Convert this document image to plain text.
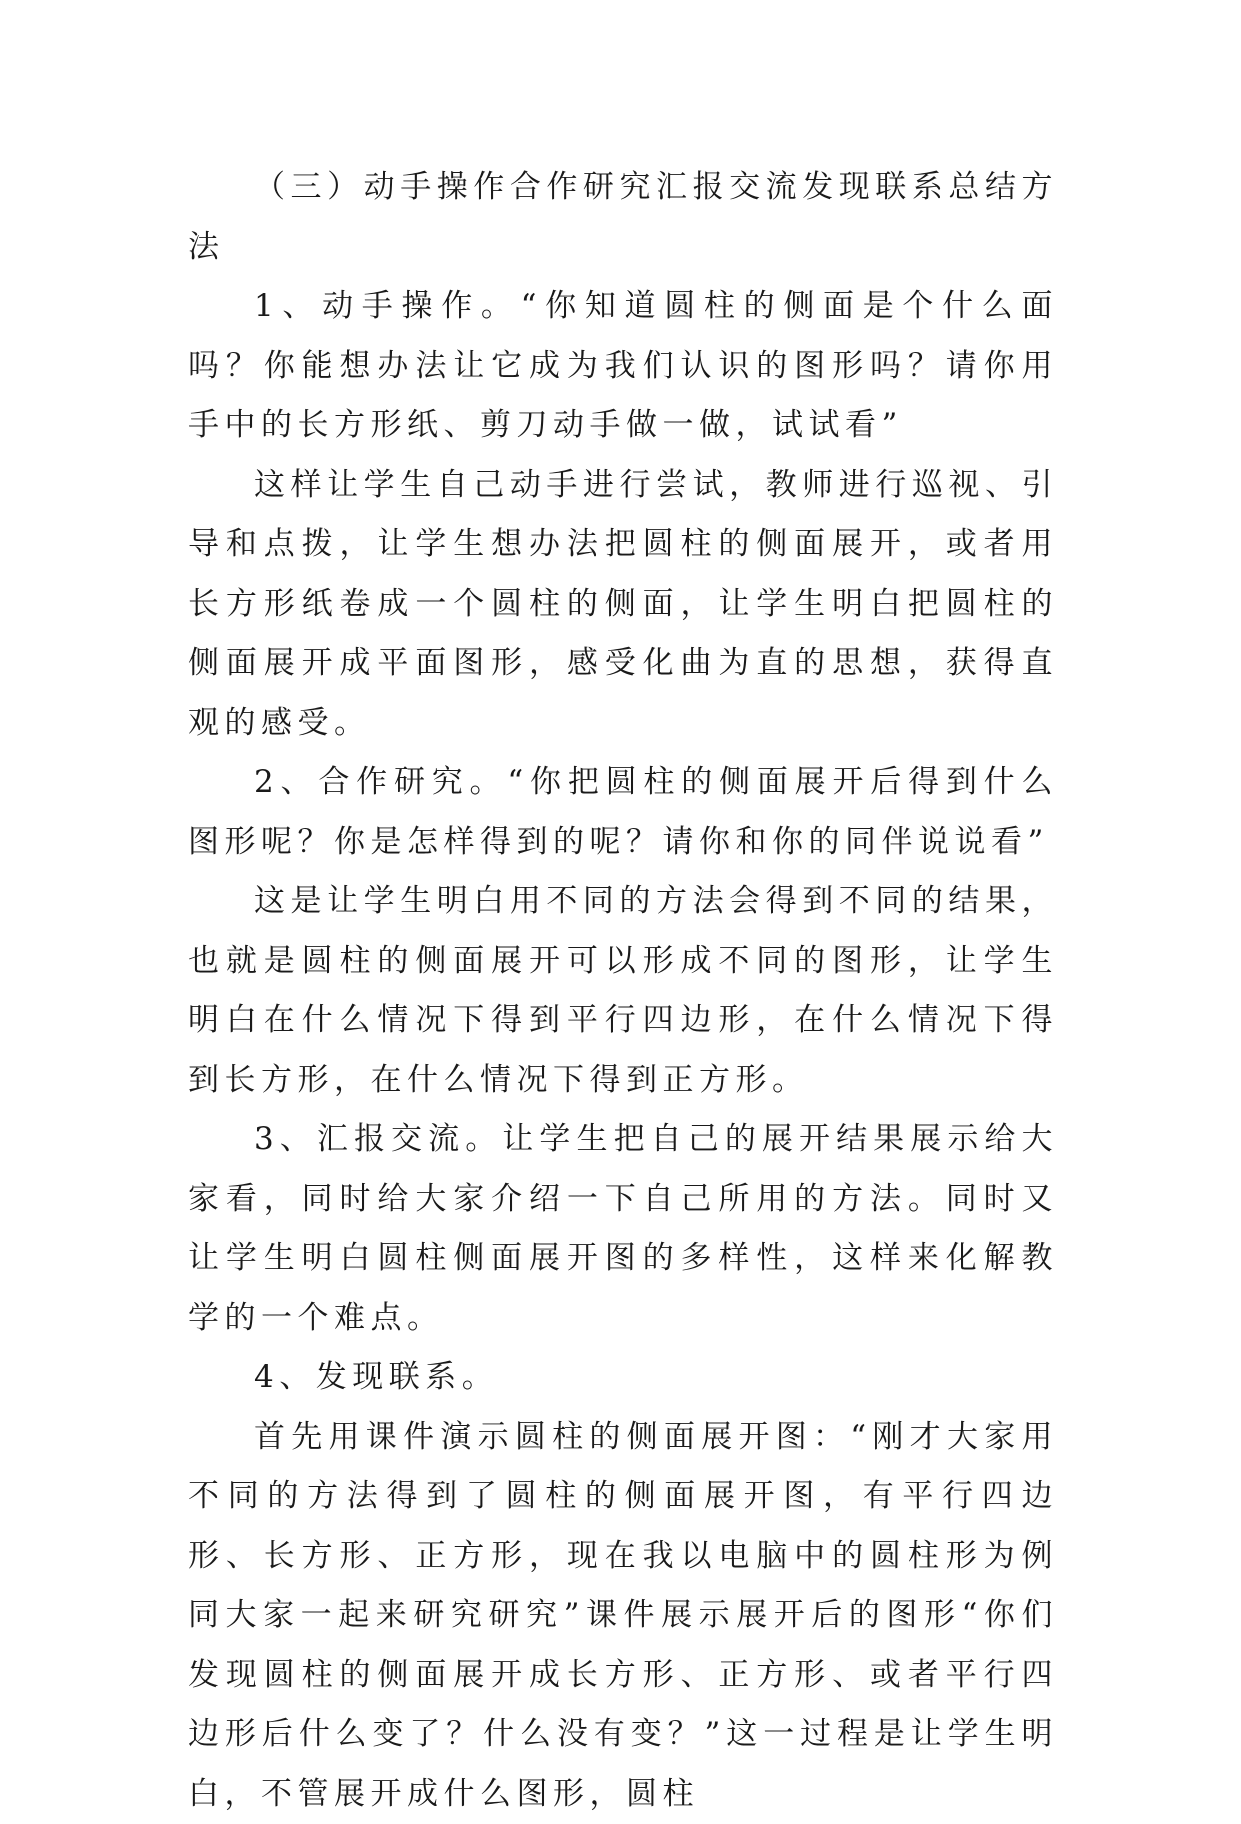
（三）动手操作合作研究汇报交流发现联系总结方法

1、动手操作。“你知道圆柱的侧面是个什么面吗？你能想办法让它成为我们认识的图形吗？请你用手中的长方形纸、剪刀动手做一做，试试看”

这样让学生自己动手进行尝试，教师进行巡视、引导和点拨，让学生想办法把圆柱的侧面展开，或者用长方形纸卷成一个圆柱的侧面，让学生明白把圆柱的侧面展开成平面图形，感受化曲为直的思想，获得直观的感受。

2、合作研究。“你把圆柱的侧面展开后得到什么图形呢？你是怎样得到的呢？请你和你的同伴说说看”

这是让学生明白用不同的方法会得到不同的结果，也就是圆柱的侧面展开可以形成不同的图形，让学生明白在什么情况下得到平行四边形，在什么情况下得到长方形，在什么情况下得到正方形。

3、汇报交流。让学生把自己的展开结果展示给大家看，同时给大家介绍一下自己所用的方法。同时又让学生明白圆柱侧面展开图的多样性，这样来化解教学的一个难点。

4、发现联系。

首先用课件演示圆柱的侧面展开图：“刚才大家用不同的方法得到了圆柱的侧面展开图，有平行四边形、长方形、正方形，现在我以电脑中的圆柱形为例同大家一起来研究研究”课件展示展开后的图形“你们发现圆柱的侧面展开成长方形、正方形、或者平行四边形后什么变了？什么没有变？”这一过程是让学生明白，不管展开成什么图形，圆柱
